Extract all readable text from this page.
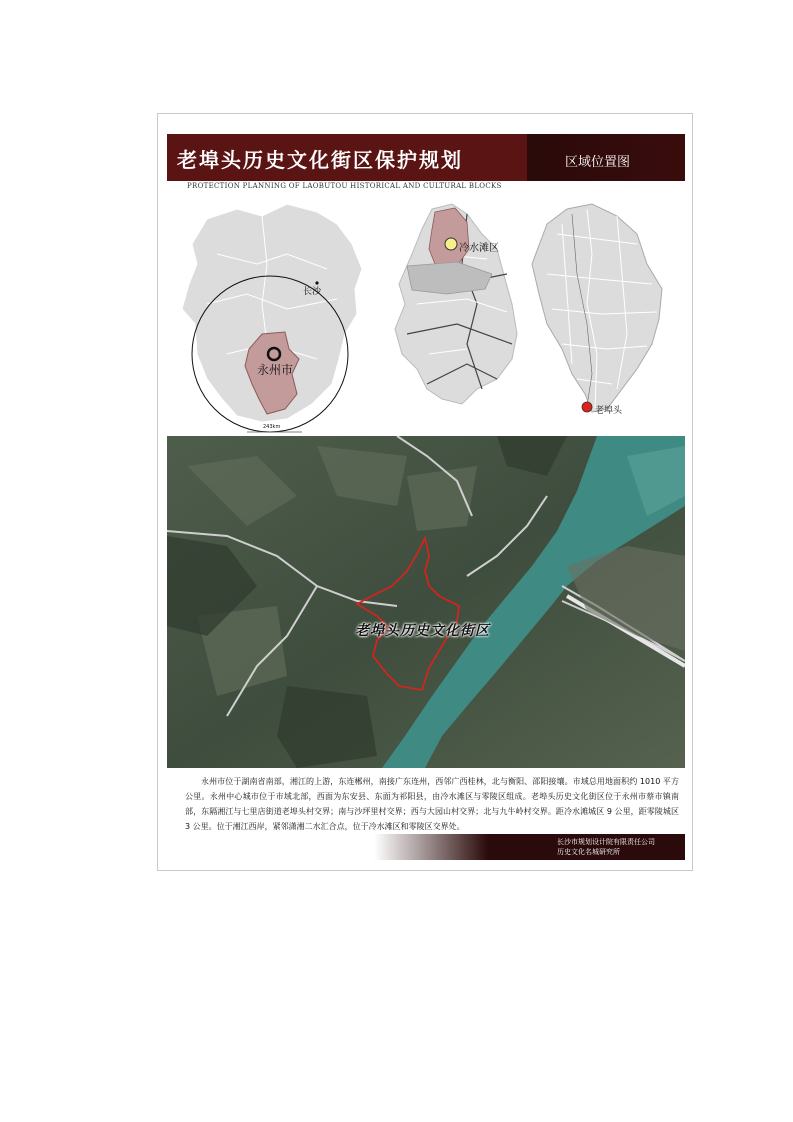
老埠头历史文化街区保护规划	区域位置图
PROTECTION PLANNING OF LAOBUTOU HISTORICAL AND CULTURAL BLOCKS
长沙
永州市
243km
冷水滩区
老埠头
老埠头历史文化街区
永州市位于湖南省南部，湘江的上游，东连郴州，南接广东连州，西邻广西桂林，北与衡阳、邵阳接壤。市域总用地面积约 1010 平方公里。永州中心城市位于市域北部，西面为东安县、东面为祁阳县，由冷水滩区与零陵区组成。老埠头历史文化街区位于永州市蔡市镇南部，东隔湘江与七里店街道老埠头村交界；南与沙坪里村交界；西与大园山村交界；北与九牛岭村交界。距冷水滩城区 9 公里，距零陵城区 3 公里。位于湘江西岸，紧邻潇湘二水汇合点，位于冷水滩区和零陵区交界处。
长沙市规划设计院有限责任公司
历史文化名城研究所
